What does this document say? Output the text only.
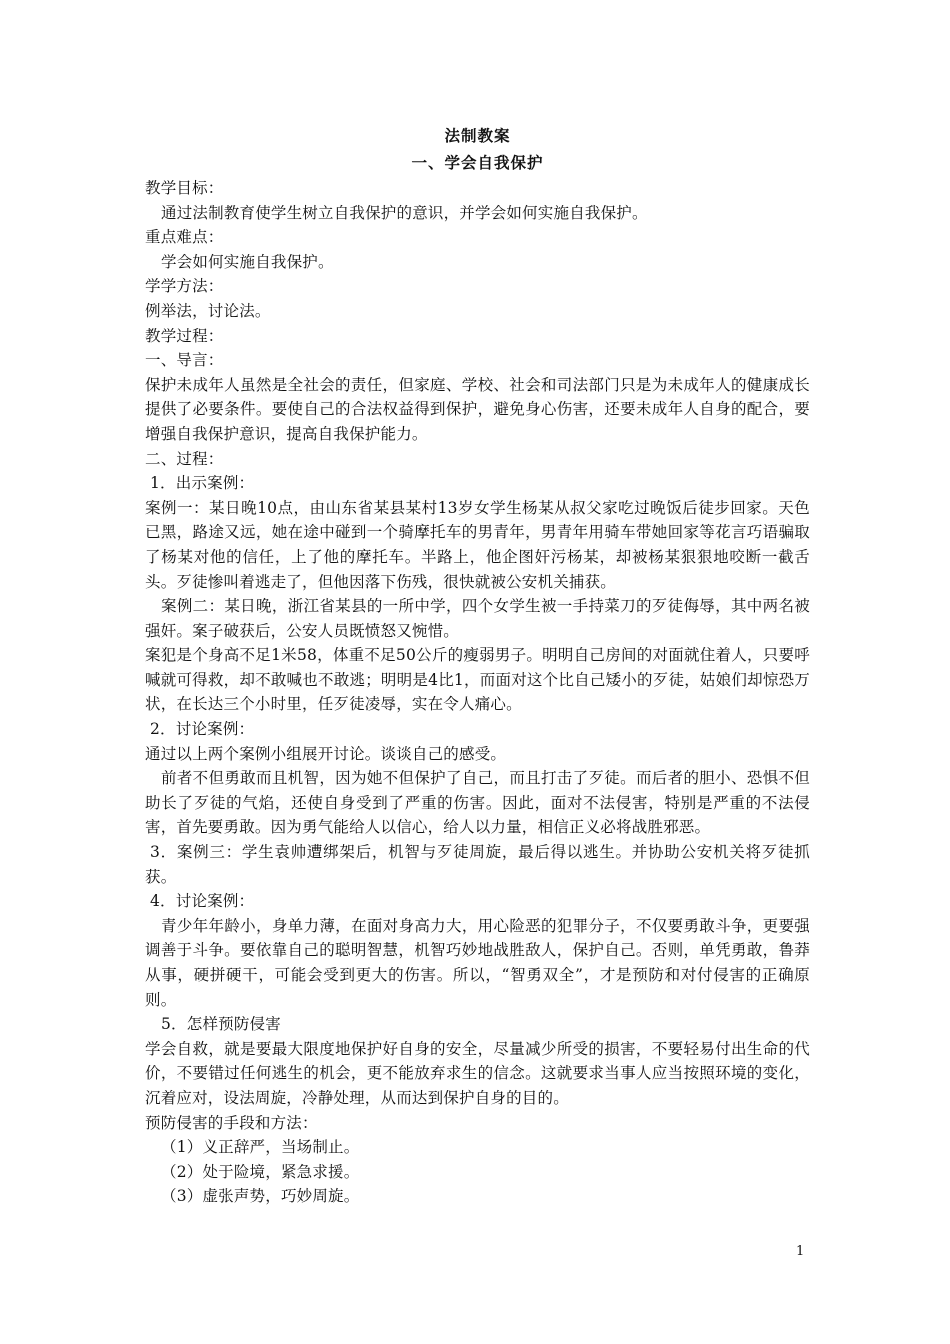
法制教案
一、学会自我保护

教学目标：

通过法制教育使学生树立自我保护的意识，并学会如何实施自我保护。

重点难点：

学会如何实施自我保护。

学学方法：

例举法，讨论法。

教学过程：

一、导言：

保护未成年人虽然是全社会的责任，但家庭、学校、社会和司法部门只是为未成年人的健康成长提供了必要条件。要使自己的合法权益得到保护，避免身心伤害，还要未成年人自身的配合，要增强自我保护意识，提高自我保护能力。

二、过程：

1．出示案例：

案例一：某日晚10点，由山东省某县某村13岁女学生杨某从叔父家吃过晚饭后徒步回家。天色已黑，路途又远，她在途中碰到一个骑摩托车的男青年，男青年用骑车带她回家等花言巧语骗取了杨某对他的信任，上了他的摩托车。半路上，他企图奸污杨某，却被杨某狠狠地咬断一截舌头。歹徒惨叫着逃走了，但他因落下伤残，很快就被公安机关捕获。

案例二：某日晚，浙江省某县的一所中学，四个女学生被一手持菜刀的歹徒侮辱，其中两名被强奸。案子破获后，公安人员既愤怒又惋惜。

案犯是个身高不足1米58，体重不足50公斤的瘦弱男子。明明自己房间的对面就住着人，只要呼喊就可得救，却不敢喊也不敢逃；明明是4比1，而面对这个比自己矮小的歹徒，姑娘们却惊恐万状，在长达三个小时里，任歹徒凌辱，实在令人痛心。

2．讨论案例：

通过以上两个案例小组展开讨论。谈谈自己的感受。

前者不但勇敢而且机智，因为她不但保护了自己，而且打击了歹徒。而后者的胆小、恐惧不但助长了歹徒的气焰，还使自身受到了严重的伤害。因此，面对不法侵害，特别是严重的不法侵害，首先要勇敢。因为勇气能给人以信心，给人以力量，相信正义必将战胜邪恶。

3．案例三：学生袁帅遭绑架后，机智与歹徒周旋，最后得以逃生。并协助公安机关将歹徒抓获。

4．讨论案例：

青少年年龄小，身单力薄，在面对身高力大，用心险恶的犯罪分子，不仅要勇敢斗争，更要强调善于斗争。要依靠自己的聪明智慧，机智巧妙地战胜敌人，保护自己。否则，单凭勇敢，鲁莽从事，硬拼硬干，可能会受到更大的伤害。所以，“智勇双全”，才是预防和对付侵害的正确原则。

5．怎样预防侵害

学会自救，就是要最大限度地保护好自身的安全，尽量减少所受的损害，不要轻易付出生命的代价，不要错过任何逃生的机会，更不能放弃求生的信念。这就要求当事人应当按照环境的变化，沉着应对，设法周旋，冷静处理，从而达到保护自身的目的。

预防侵害的手段和方法：

（1）义正辞严，当场制止。

（2）处于险境，紧急求援。

（3）虚张声势，巧妙周旋。

1
